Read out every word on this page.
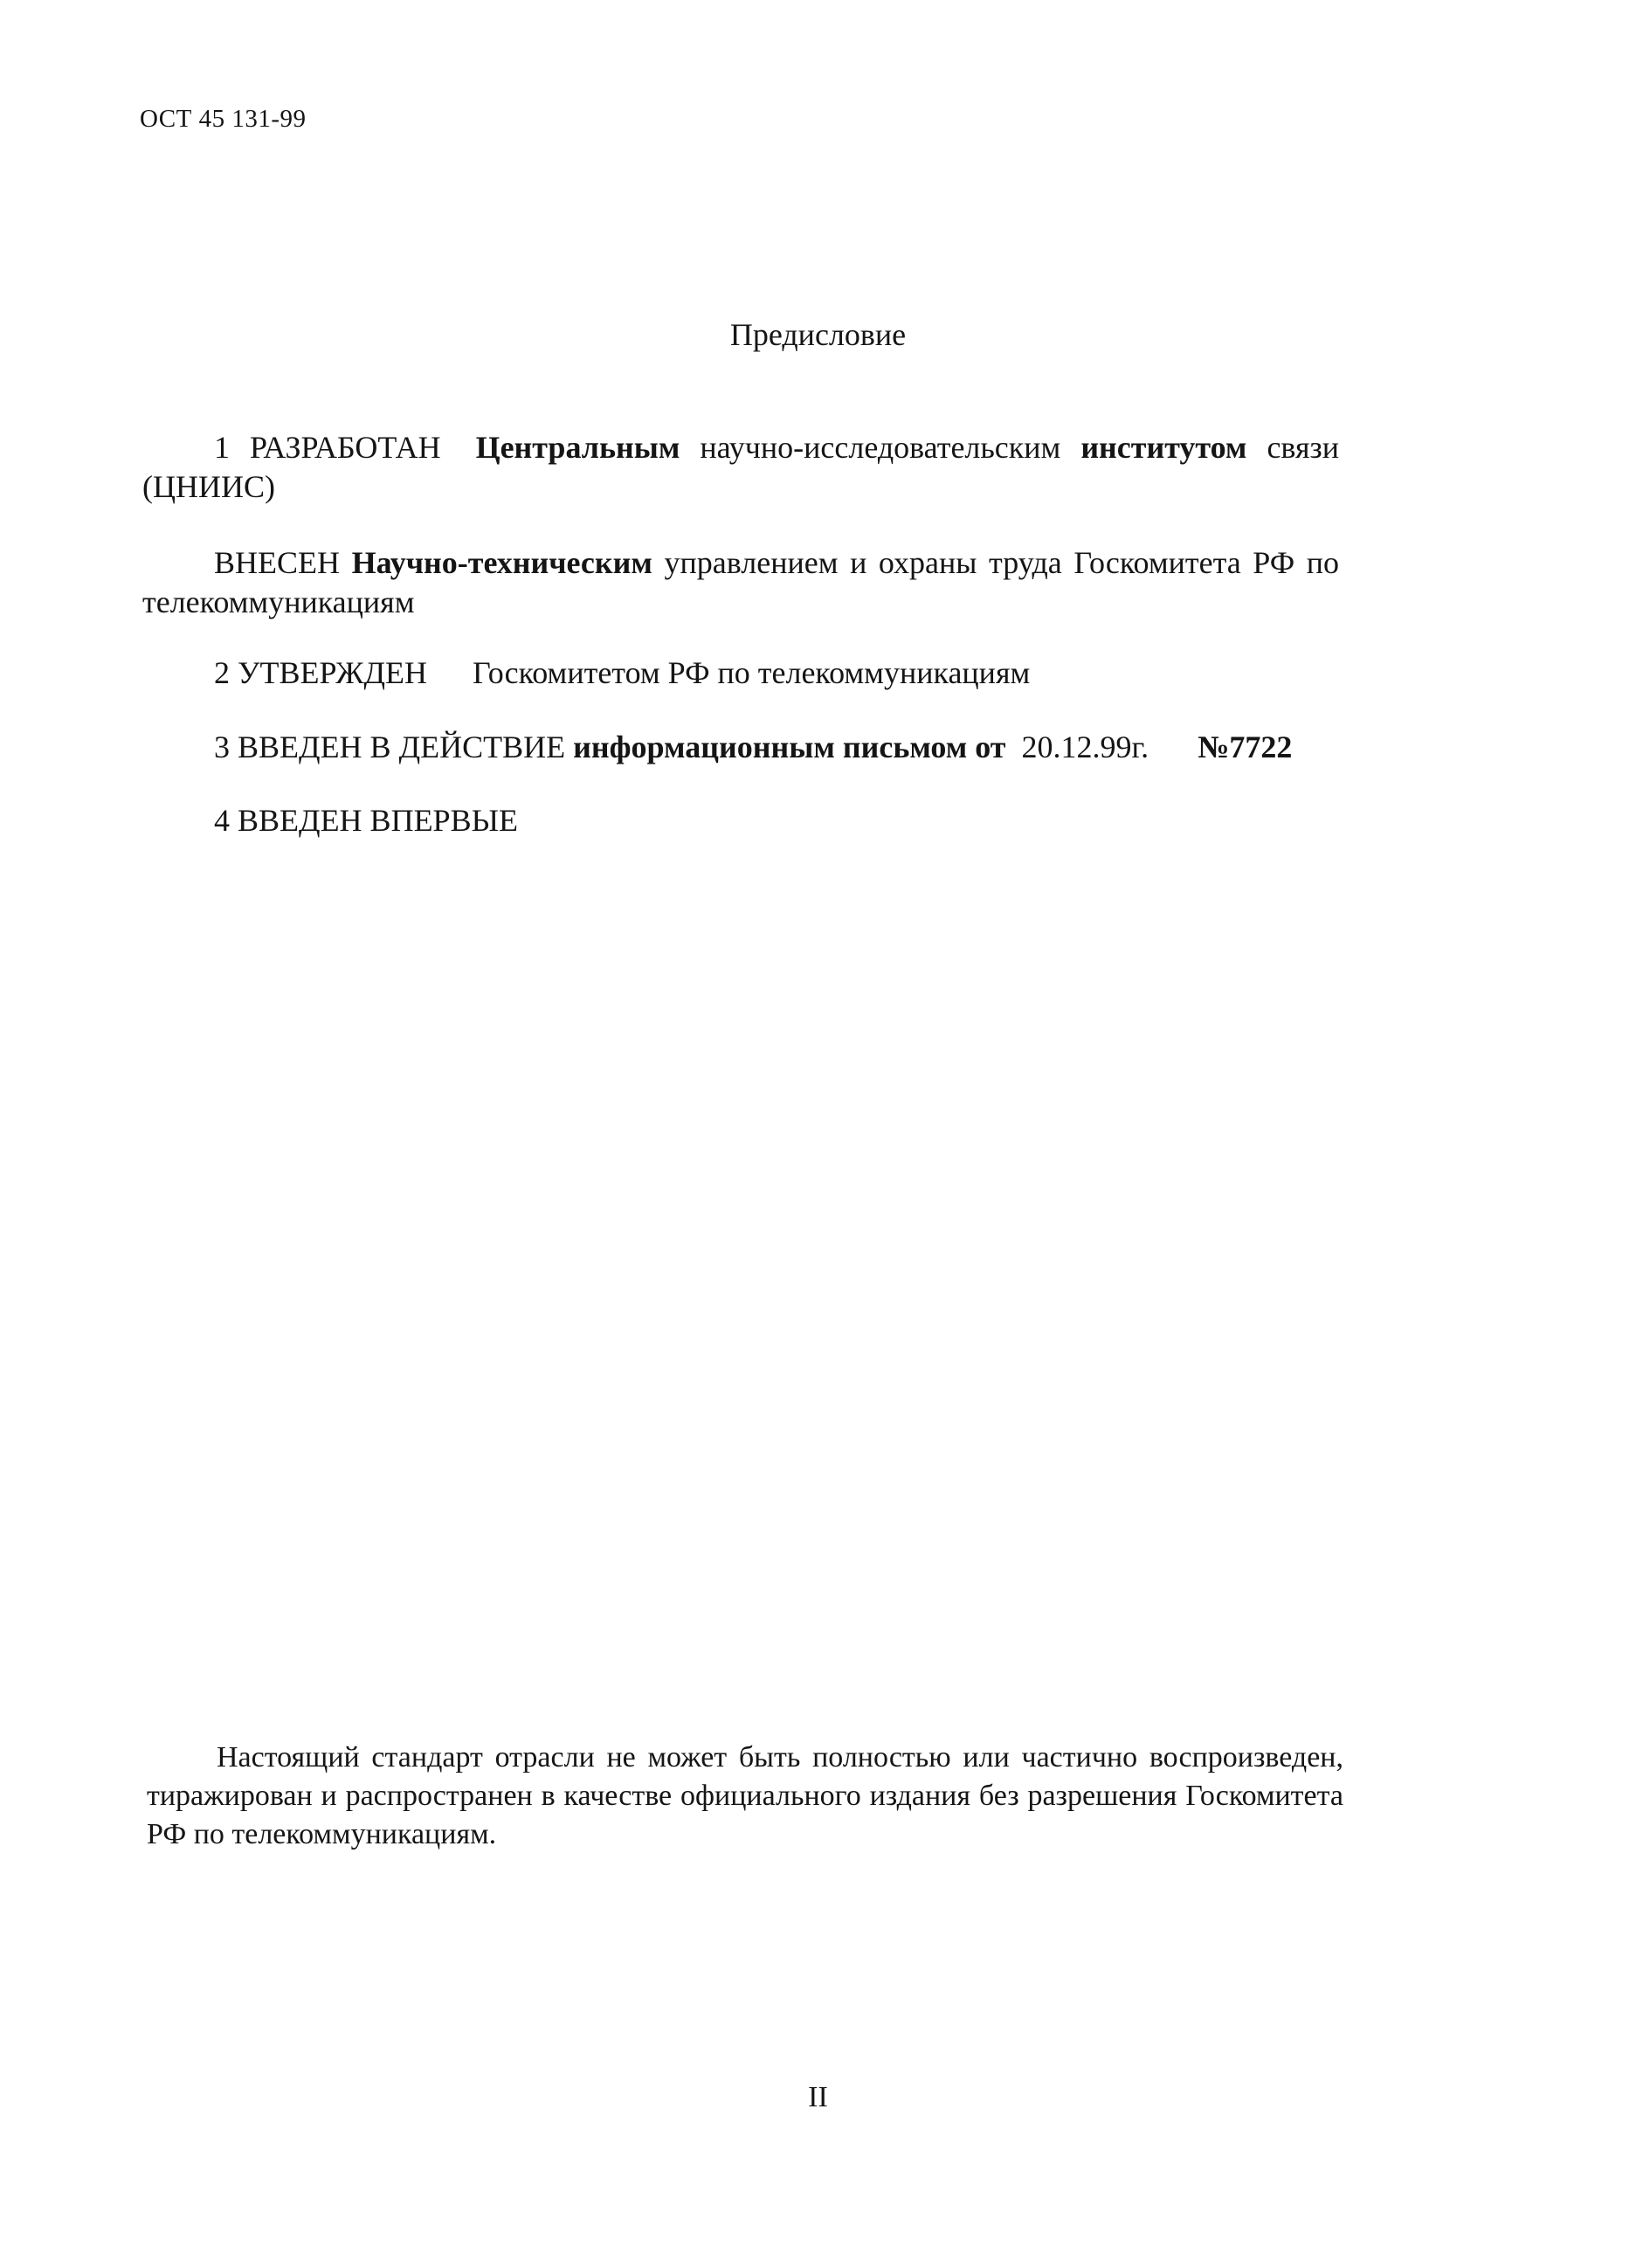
ОСТ 45 131-99
Предисловие
1 РАЗРАБОТАН Центральным научно-исследовательским институтом связи (ЦНИИС)
ВНЕСЕН Научно-техническим управлением и охраны труда Госкомитета РФ по телекоммуникациям
2 УТВЕРЖДЕН Госкомитетом РФ по телекоммуникациям
3 ВВЕДЕН В ДЕЙСТВИЕ информационным письмом от 20.12.99г. №7722
4 ВВЕДЕН ВПЕРВЫЕ
Настоящий стандарт отрасли не может быть полностью или частично воспроизведен, тиражирован и распространен в качестве официального издания без разрешения Госкомитета РФ по телекоммуникациям.
II
